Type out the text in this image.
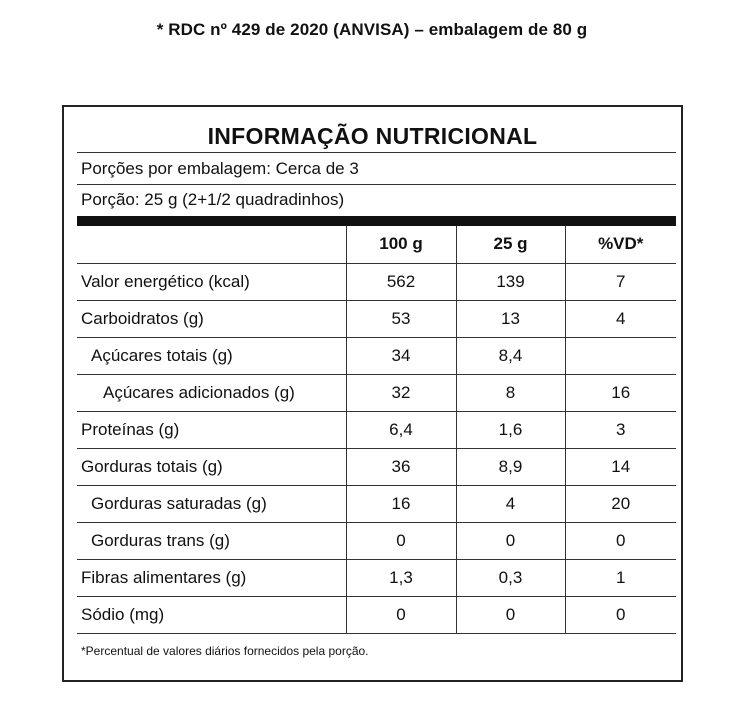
* RDC nº 429 de 2020 (ANVISA) – embalagem de 80 g
INFORMAÇÃO NUTRICIONAL
Porções por embalagem: Cerca de 3
Porção: 25 g (2+1/2 quadradinhos)
	100 g	25 g	%VD*
Valor energético (kcal)	562	139	7
Carboidratos (g)	53	13	4
Açúcares totais (g)	34	8,4	
Açúcares adicionados (g)	32	8	16
Proteínas (g)	6,4	1,6	3
Gorduras totais (g)	36	8,9	14
Gorduras saturadas (g)	16	4	20
Gorduras trans (g)	0	0	0
Fibras alimentares (g)	1,3	0,3	1
Sódio (mg)	0	0	0
*Percentual de valores diários fornecidos pela porção.
